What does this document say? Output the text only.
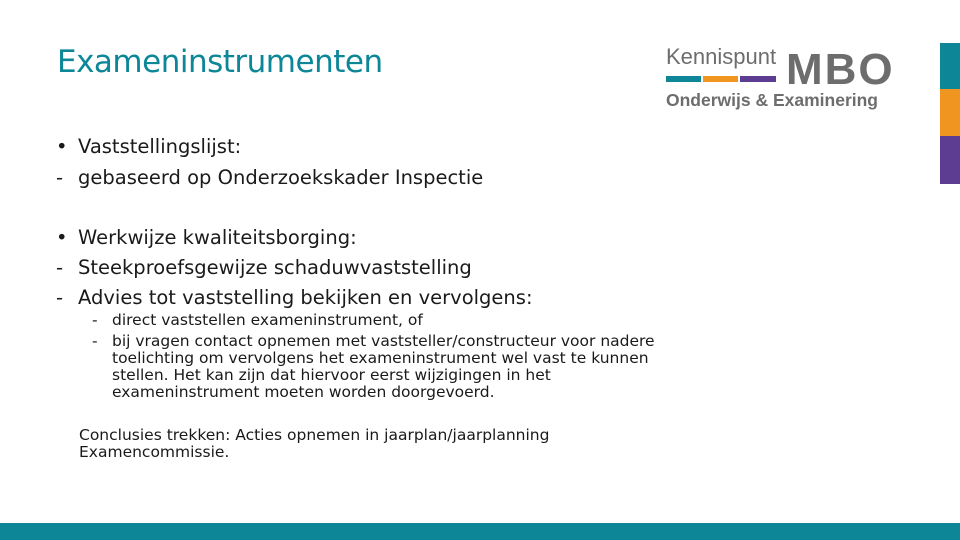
Exameninstrumenten	Kennispunt MBO
Onderwijs & Examinering
• Vaststellingslijst:
- gebaseerd op Onderzoekskader Inspectie
• Werkwijze kwaliteitsborging:
- Steekproefsgewijze schaduwvaststelling
- Advies tot vaststelling bekijken en vervolgens:
- direct vaststellen exameninstrument, of
- bij vragen contact opnemen met vaststeller/constructeur voor nadere toelichting om vervolgens het exameninstrument wel vast te kunnen stellen. Het kan zijn dat hiervoor eerst wijzigingen in het exameninstrument moeten worden doorgevoerd.
Conclusies trekken: Acties opnemen in jaarplan/jaarplanning Examencommissie.
